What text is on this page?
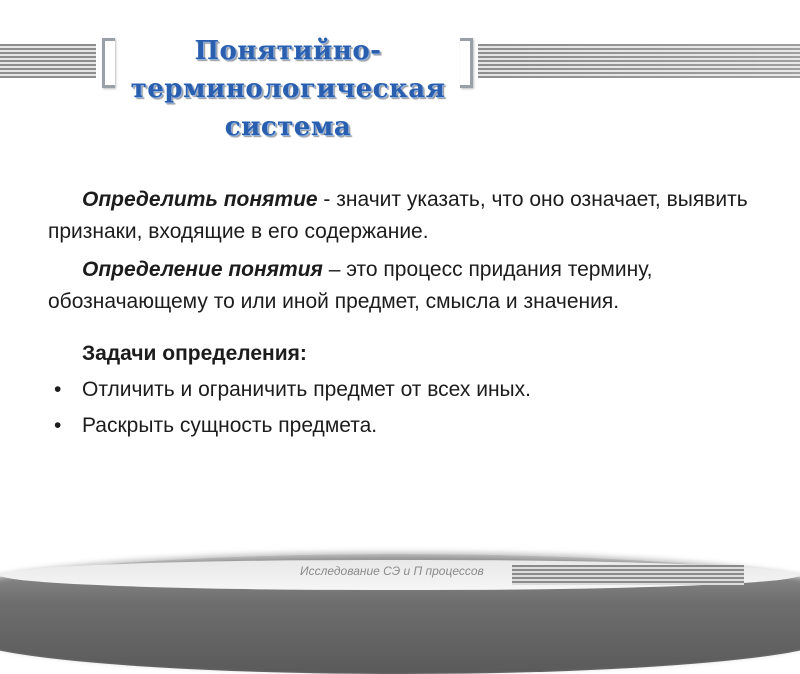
Понятийно-
терминологическая
система

Определить понятие - значит указать, что оно означает, выявить признаки, входящие в его содержание.

Определение понятия – это процесс придания термину, обозначающему то или иной предмет, смысла и значения.

Задачи определения:
• Отличить и ограничить предмет от всех иных.
• Раскрыть сущность предмета.
Исследование СЭ и П процессов
